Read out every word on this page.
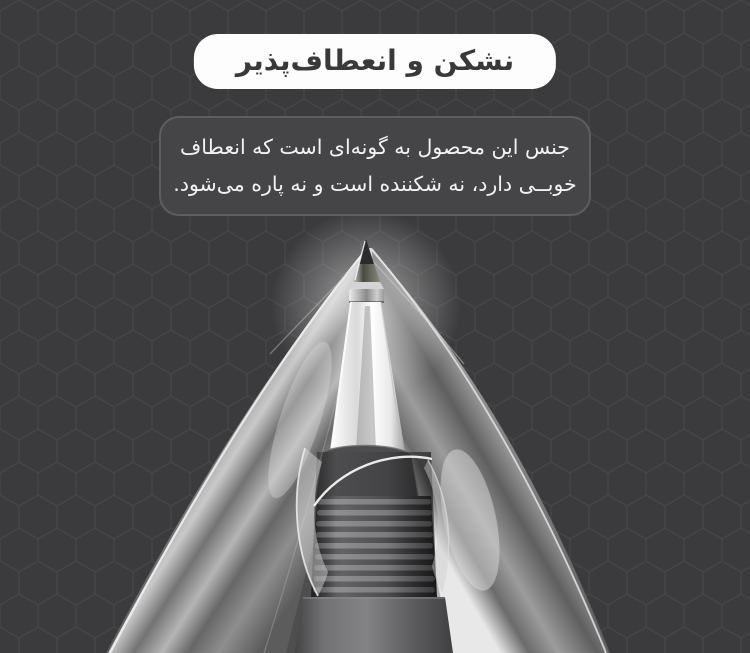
نشکن و انعطاف‌پذیر
جنس این محصول به گونه‌ای است که انعطاف
خوبــی دارد، نه شکننده است و نه پاره می‌شود.
